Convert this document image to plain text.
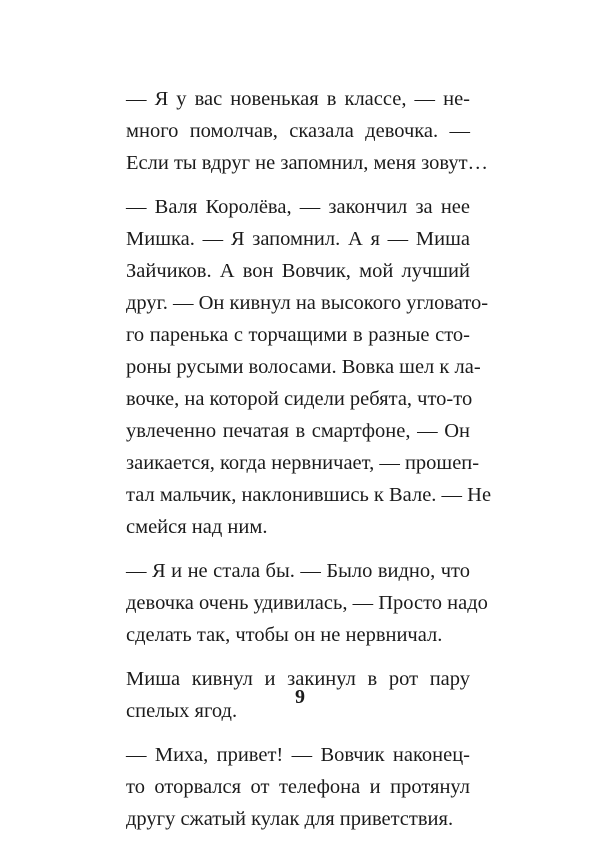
— Я у вас новенькая в классе, — не-
много помолчав, сказала девочка. —
Если ты вдруг не запомнил, меня зовут…

— Валя Королёва, — закончил за нее
Мишка. — Я запомнил. А я — Миша
Зайчиков. А вон Вовчик, мой лучший
друг. — Он кивнул на высокого угловато-
го паренька с торчащими в разные сто-
роны русыми волосами. Вовка шел к ла-
вочке, на которой сидели ребята, что-то
увлеченно печатая в смартфоне, — Он
заикается, когда нервничает, — прошеп-
тал мальчик, наклонившись к Вале. — Не
смейся над ним.

— Я и не стала бы. — Было видно, что
девочка очень удивилась, — Просто надо
сделать так, чтобы он не нервничал.

Миша кивнул и закинул в рот пару
спелых ягод.

— Миха, привет! — Вовчик наконец-
то оторвался от телефона и протянул
другу сжатый кулак для приветствия.

9
